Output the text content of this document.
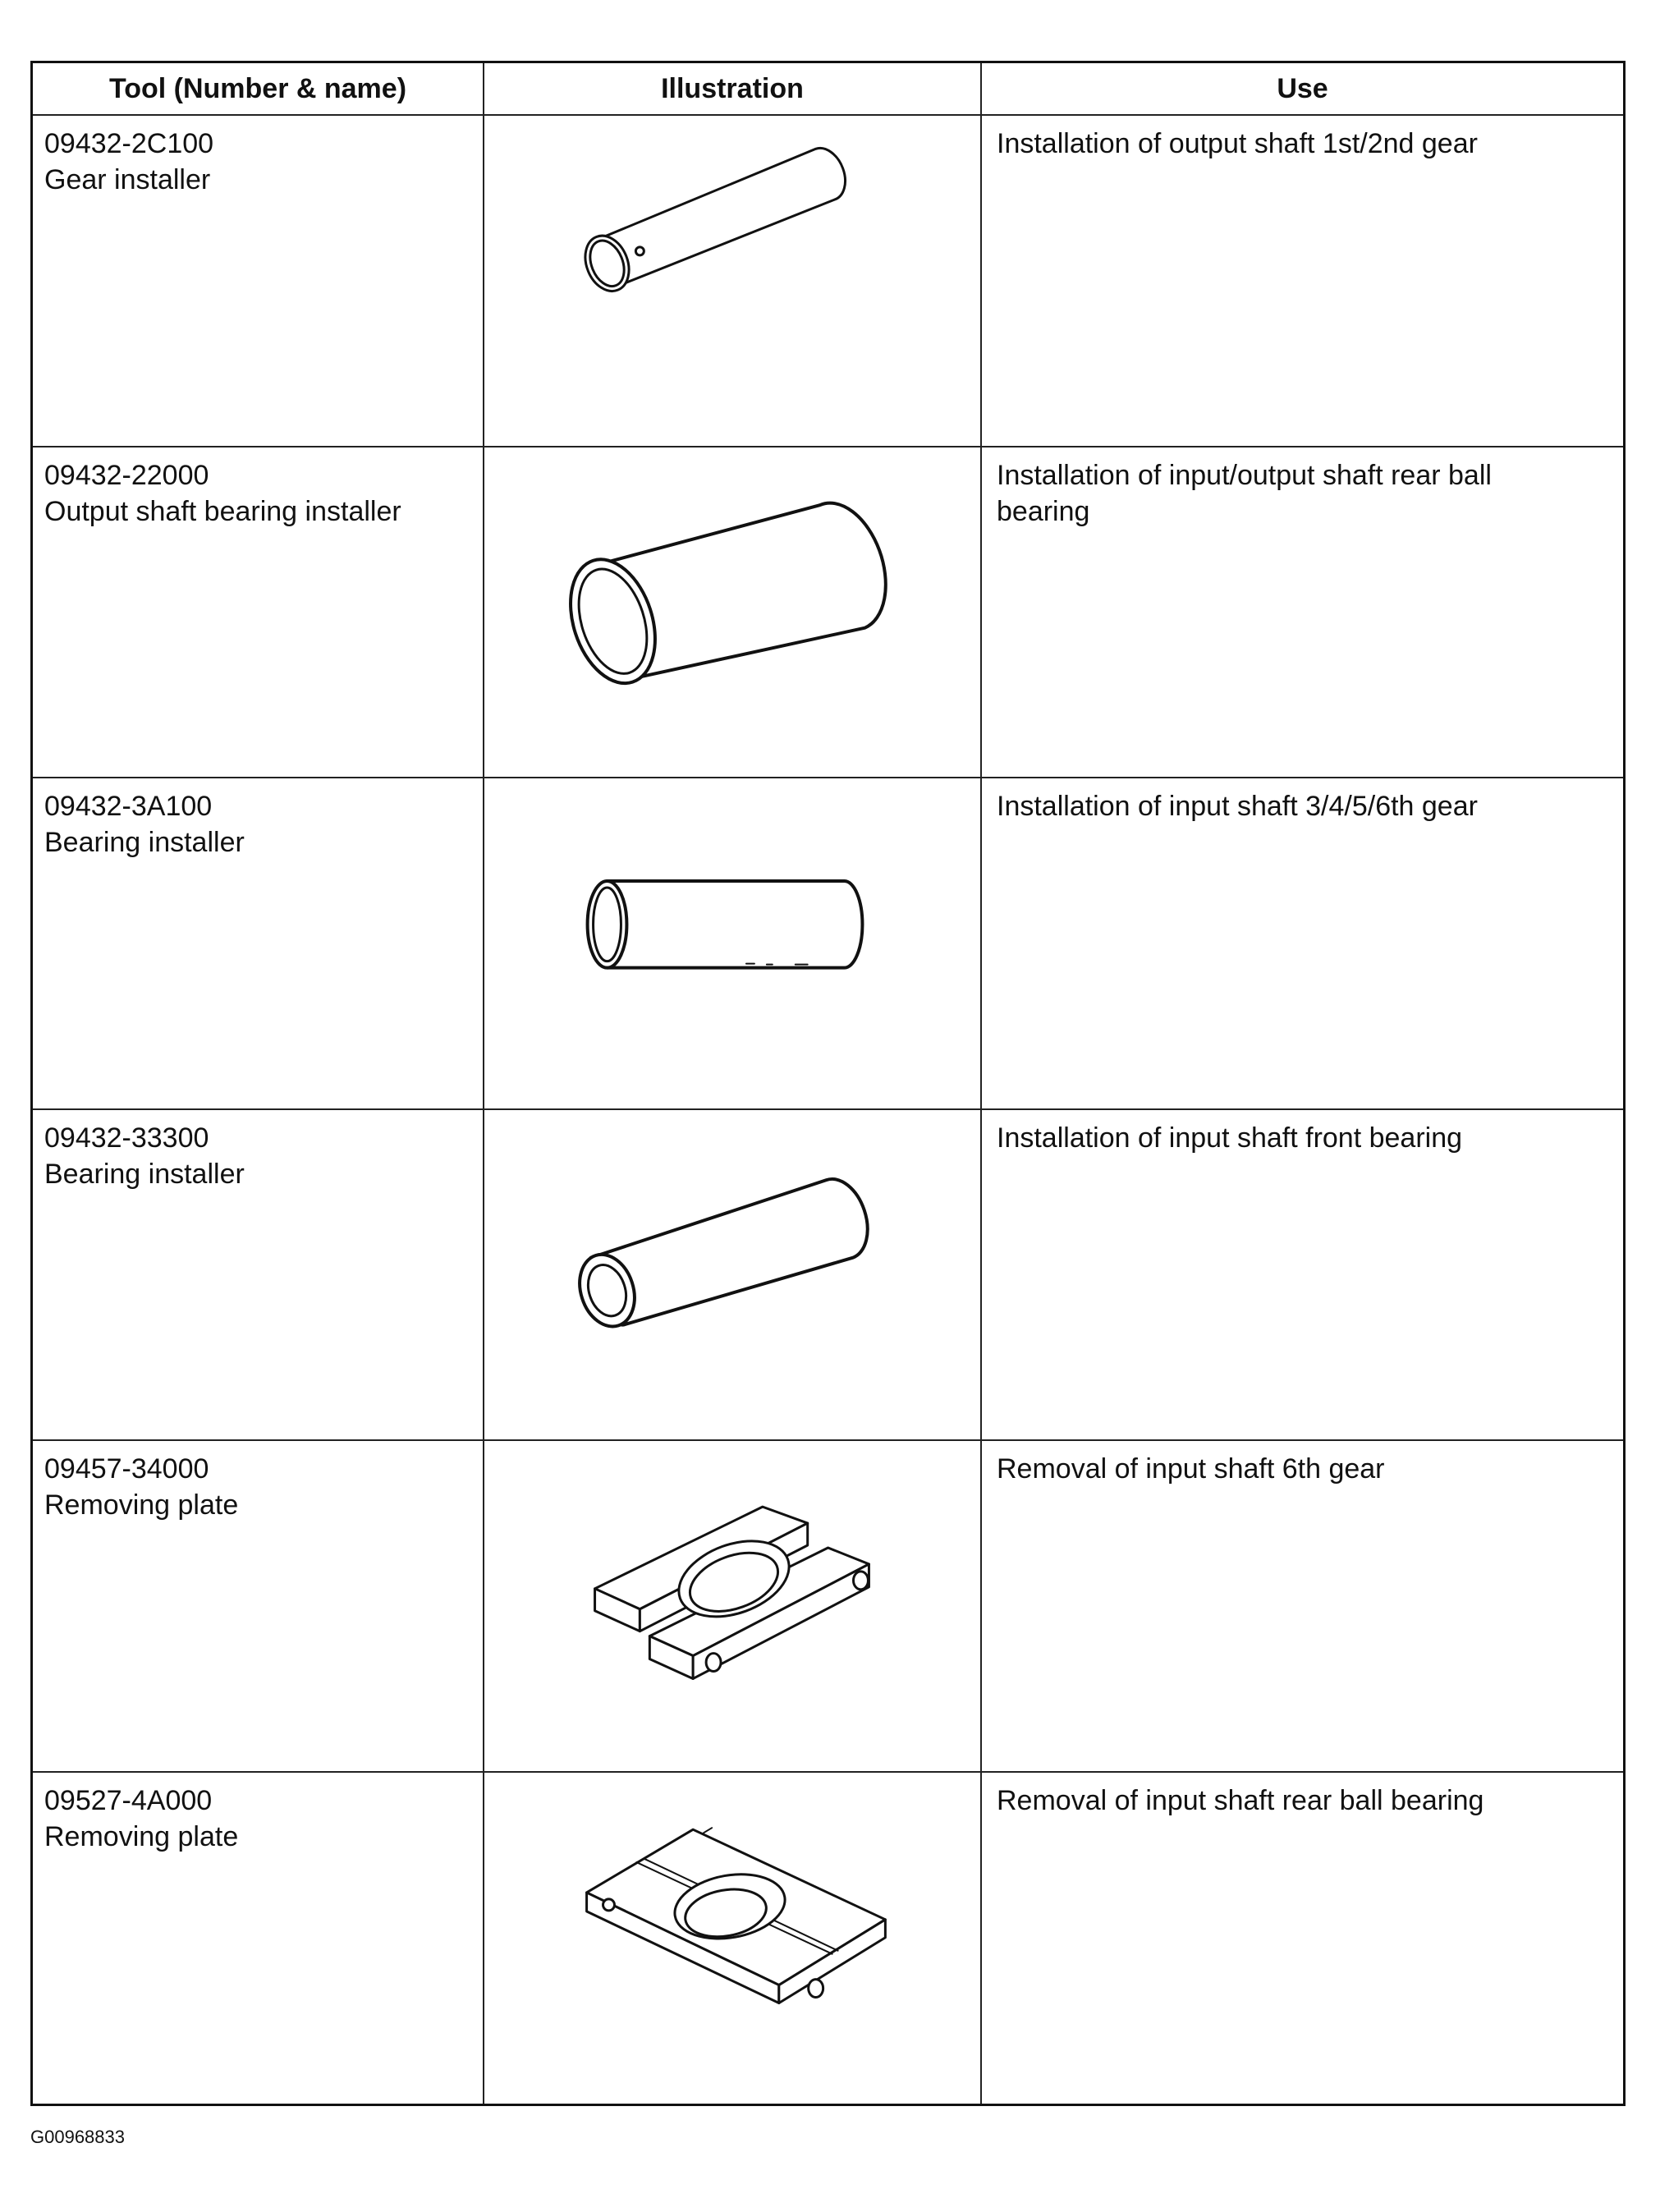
Tool (Number & name)	Illustration	Use
09432-2C100
Gear installer
Installation of output shaft 1st/2nd gear
09432-22000
Output shaft bearing installer
Installation of input/output shaft rear ball bearing
09432-3A100
Bearing installer
Installation of input shaft 3/4/5/6th gear
09432-33300
Bearing installer
Installation of input shaft front bearing
09457-34000
Removing plate
Removal of input shaft 6th gear
09527-4A000
Removing plate
Removal of input shaft rear ball bearing
G00968833
